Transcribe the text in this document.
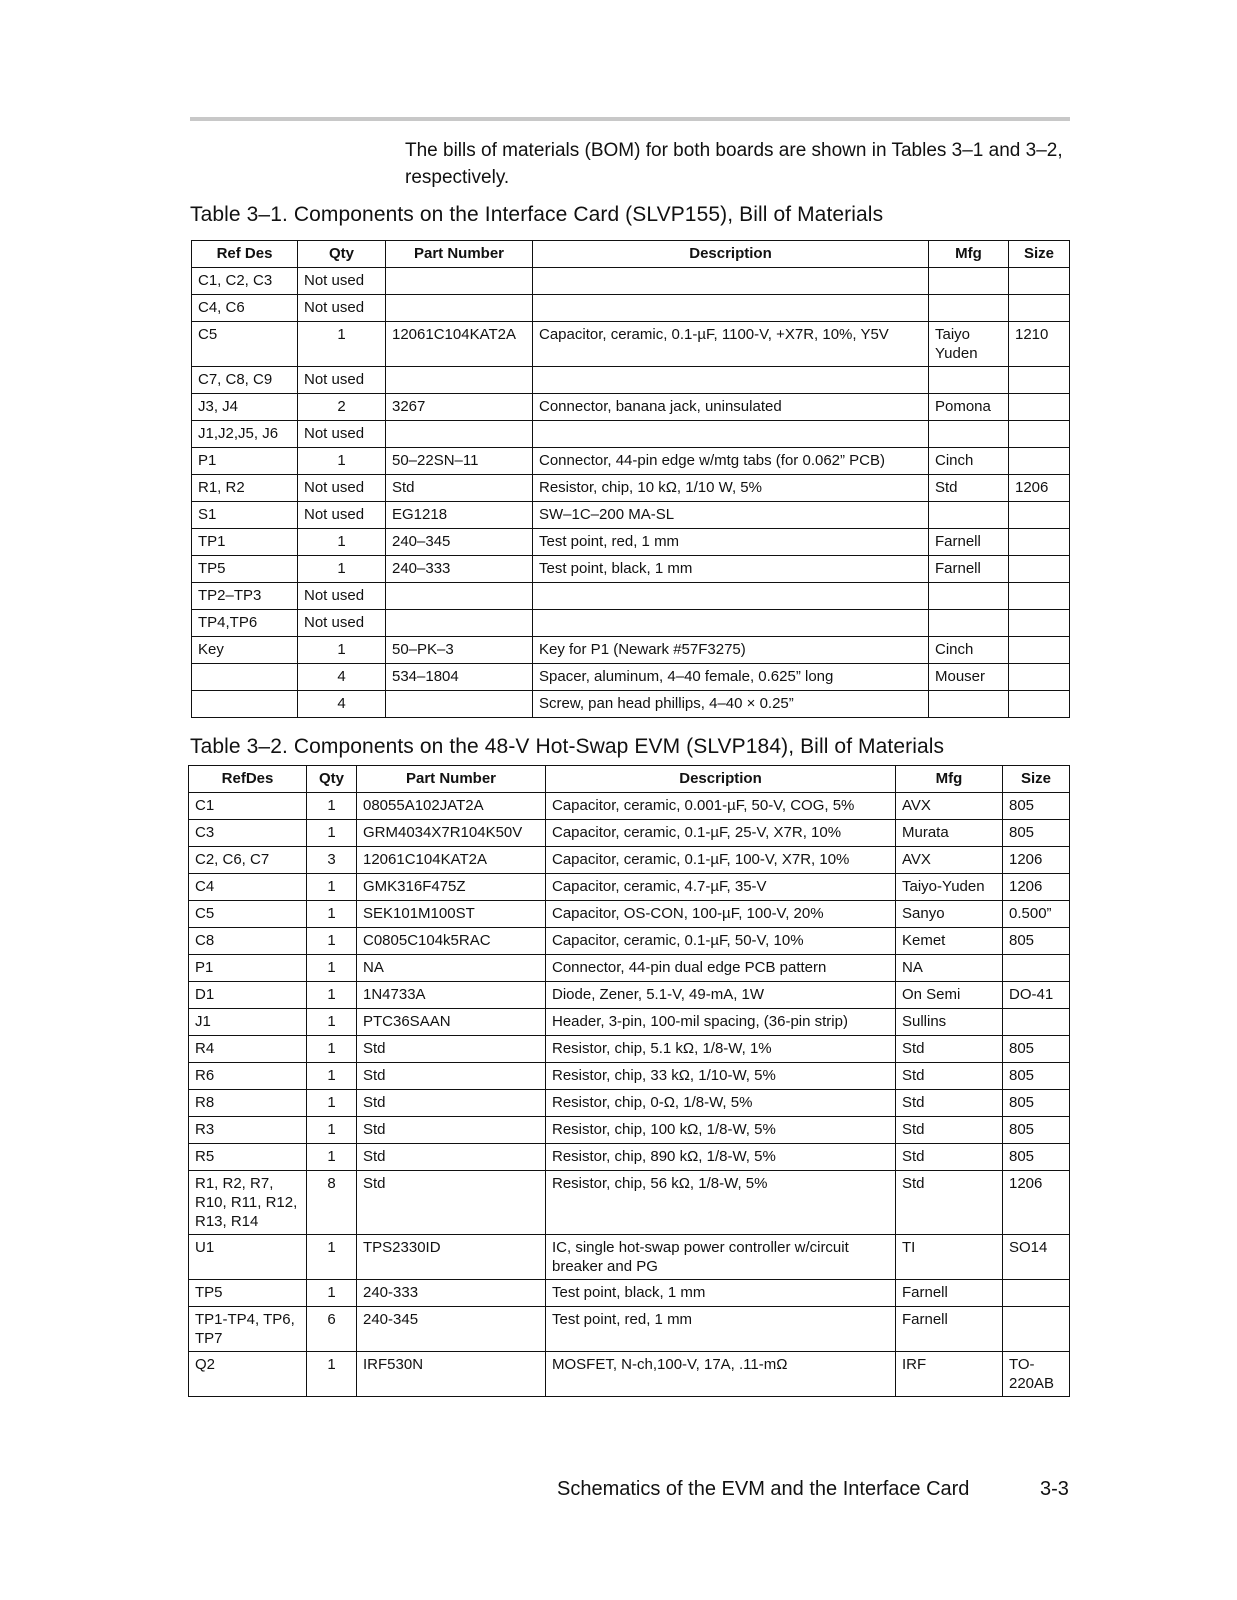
The bills of materials (BOM) for both boards are shown in Tables 3–1 and 3–2, respectively.
Table 3–1. Components on the Interface Card (SLVP155), Bill of Materials
Ref Des	Qty	Part Number	Description	Mfg	Size
C1, C2, C3	Not used				
C4, C6	Not used				
C5	1	12061C104KAT2A	Capacitor, ceramic, 0.1-µF, 1100-V, +X7R, 10%, Y5V	Taiyo Yuden	1210
C7, C8, C9	Not used				
J3, J4	2	3267	Connector, banana jack, uninsulated	Pomona	
J1,J2,J5, J6	Not used				
P1	1	50–22SN–11	Connector, 44-pin edge w/mtg tabs (for 0.062” PCB)	Cinch	
R1, R2	Not used	Std	Resistor, chip, 10 kΩ, 1/10 W, 5%	Std	1206
S1	Not used	EG1218	SW–1C–200 MA-SL		
TP1	1	240–345	Test point, red, 1 mm	Farnell	
TP5	1	240–333	Test point, black, 1 mm	Farnell	
TP2–TP3	Not used				
TP4,TP6	Not used				
Key	1	50–PK–3	Key for P1 (Newark #57F3275)	Cinch	
	4	534–1804	Spacer, aluminum, 4–40 female, 0.625” long	Mouser	
	4		Screw, pan head phillips, 4–40 × 0.25”		
Table 3–2. Components on the 48-V Hot-Swap EVM (SLVP184), Bill of Materials
RefDes	Qty	Part Number	Description	Mfg	Size
C1	1	08055A102JAT2A	Capacitor, ceramic, 0.001-µF, 50-V, COG, 5%	AVX	805
C3	1	GRM4034X7R104K50V	Capacitor, ceramic, 0.1-µF, 25-V, X7R, 10%	Murata	805
C2, C6, C7	3	12061C104KAT2A	Capacitor, ceramic, 0.1-µF, 100-V, X7R, 10%	AVX	1206
C4	1	GMK316F475Z	Capacitor, ceramic, 4.7-µF, 35-V	Taiyo-Yuden	1206
C5	1	SEK101M100ST	Capacitor, OS-CON, 100-µF, 100-V, 20%	Sanyo	0.500”
C8	1	C0805C104k5RAC	Capacitor, ceramic, 0.1-µF, 50-V, 10%	Kemet	805
P1	1	NA	Connector, 44-pin dual edge PCB pattern	NA	
D1	1	1N4733A	Diode, Zener, 5.1-V, 49-mA, 1W	On Semi	DO-41
J1	1	PTC36SAAN	Header, 3-pin, 100-mil spacing, (36-pin strip)	Sullins	
R4	1	Std	Resistor, chip, 5.1 kΩ, 1/8-W, 1%	Std	805
R6	1	Std	Resistor, chip, 33 kΩ, 1/10-W, 5%	Std	805
R8	1	Std	Resistor, chip, 0-Ω, 1/8-W, 5%	Std	805
R3	1	Std	Resistor, chip, 100 kΩ, 1/8-W, 5%	Std	805
R5	1	Std	Resistor, chip, 890 kΩ, 1/8-W, 5%	Std	805
R1, R2, R7, R10, R11, R12, R13, R14	8	Std	Resistor, chip, 56 kΩ, 1/8-W, 5%	Std	1206
U1	1	TPS2330ID	IC, single hot-swap power controller w/circuit breaker and PG	TI	SO14
TP5	1	240-333	Test point, black, 1 mm	Farnell	
TP1-TP4, TP6, TP7	6	240-345	Test point, red, 1 mm	Farnell	
Q2	1	IRF530N	MOSFET, N-ch,100-V, 17A, .11-mΩ	IRF	TO-220AB
Schematics of the EVM and the Interface Card	3-3
